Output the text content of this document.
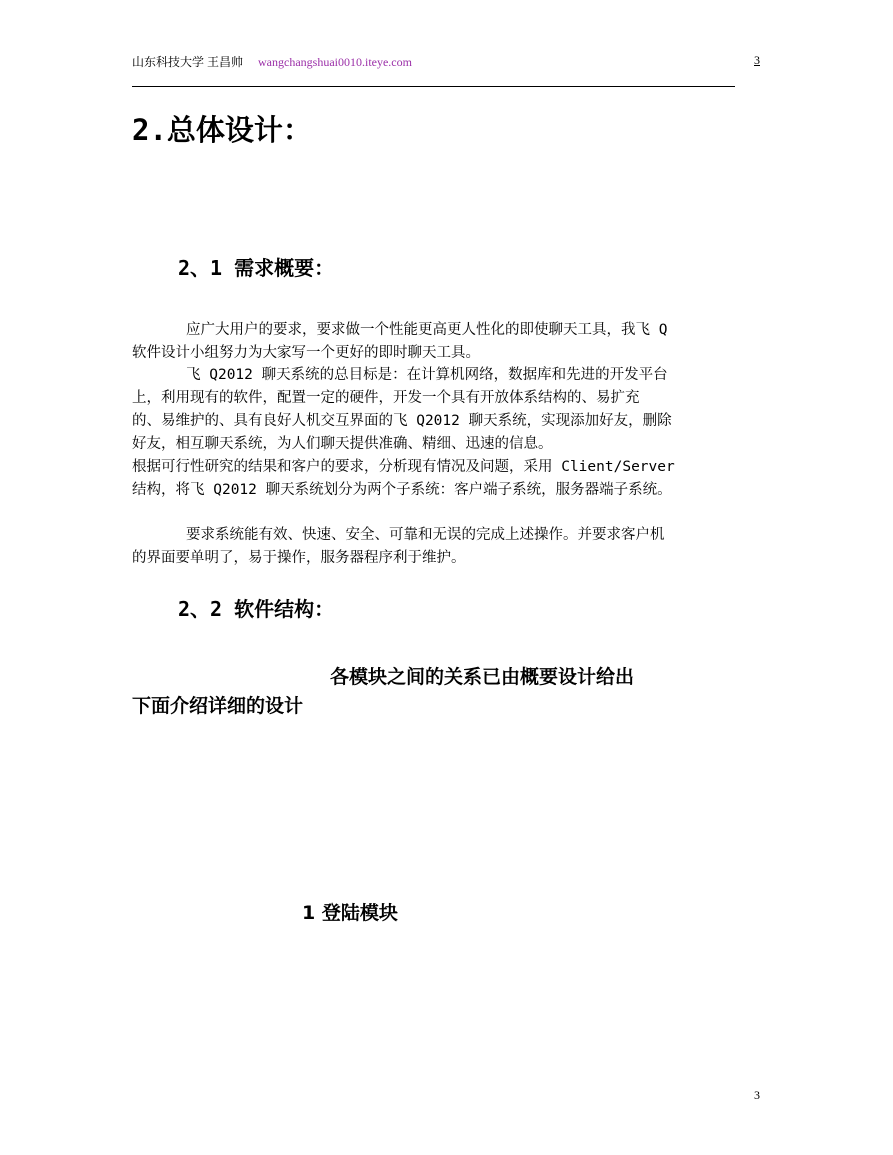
山东科技大学 王昌帅 wangchangshuai0010.iteye.com	3
2.总体设计：
2、1 需求概要：
应广大用户的要求，要求做一个性能更高更人性化的即使聊天工具，我飞 Q
软件设计小组努力为大家写一个更好的即时聊天工具。
飞 Q2012 聊天系统的总目标是：在计算机网络，数据库和先进的开发平台
上，利用现有的软件，配置一定的硬件，开发一个具有开放体系结构的、易扩充
的、易维护的、具有良好人机交互界面的飞 Q2012 聊天系统，实现添加好友，删除
好友，相互聊天系统，为人们聊天提供准确、精细、迅速的信息。
根据可行性研究的结果和客户的要求，分析现有情况及问题，采用 Client/Server
结构，将飞 Q2012 聊天系统划分为两个子系统：客户端子系统，服务器端子系统。
要求系统能有效、快速、安全、可靠和无误的完成上述操作。并要求客户机
的界面要单明了，易于操作，服务器程序利于维护。
2、2 软件结构：
各模块之间的关系已由概要设计给出
下面介绍详细的设计
1 登陆模块
3
